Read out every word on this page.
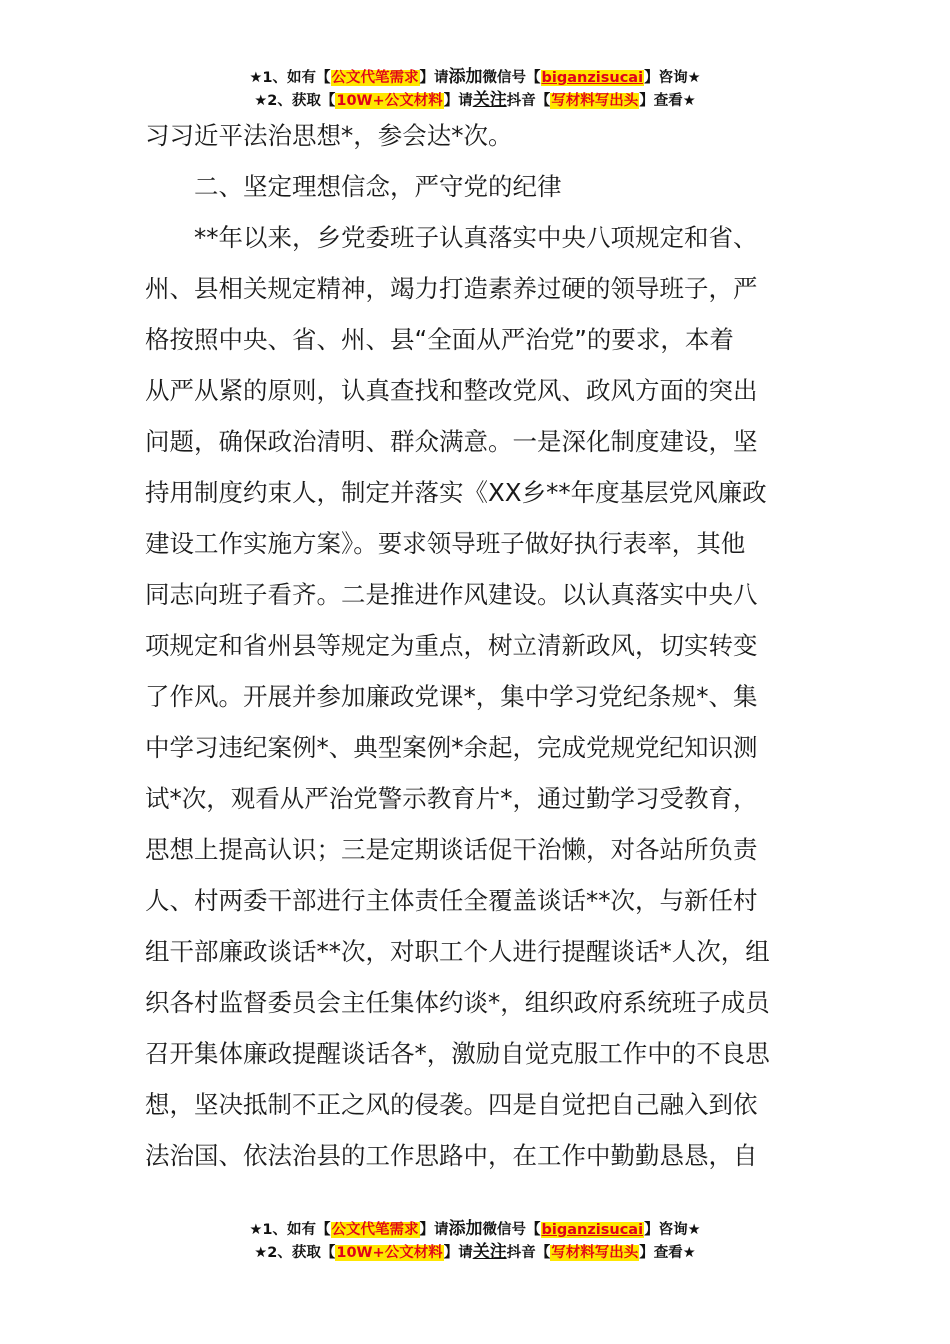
★1、如有【公文代笔需求】请添加微信号【biganzisucai】咨询★
★2、获取【10W+公文材料】请关注抖音【写材料写出头】查看★

习习近平法治思想*，参会达*次。

二、坚定理想信念，严守党的纪律

**年以来，乡党委班子认真落实中央八项规定和省、

州、县相关规定精神，竭力打造素养过硬的领导班子，严

格按照中央、省、州、县“全面从严治党”的要求，本着

从严从紧的原则，认真查找和整改党风、政风方面的突出

问题，确保政治清明、群众满意。一是深化制度建设，坚

持用制度约束人，制定并落实《XX乡**年度基层党风廉政

建设工作实施方案》。要求领导班子做好执行表率，其他

同志向班子看齐。二是推进作风建设。以认真落实中央八

项规定和省州县等规定为重点，树立清新政风，切实转变

了作风。开展并参加廉政党课*，集中学习党纪条规*、集

中学习违纪案例*、典型案例*余起，完成党规党纪知识测

试*次，观看从严治党警示教育片*，通过勤学习受教育，

思想上提高认识；三是定期谈话促干治懒，对各站所负责

人、村两委干部进行主体责任全覆盖谈话**次，与新任村

组干部廉政谈话**次，对职工个人进行提醒谈话*人次，组

织各村监督委员会主任集体约谈*，组织政府系统班子成员

召开集体廉政提醒谈话各*，激励自觉克服工作中的不良思

想，坚决抵制不正之风的侵袭。四是自觉把自己融入到依

法治国、依法治县的工作思路中，在工作中勤勤恳恳，自

★1、如有【公文代笔需求】请添加微信号【biganzisucai】咨询★
★2、获取【10W+公文材料】请关注抖音【写材料写出头】查看★
